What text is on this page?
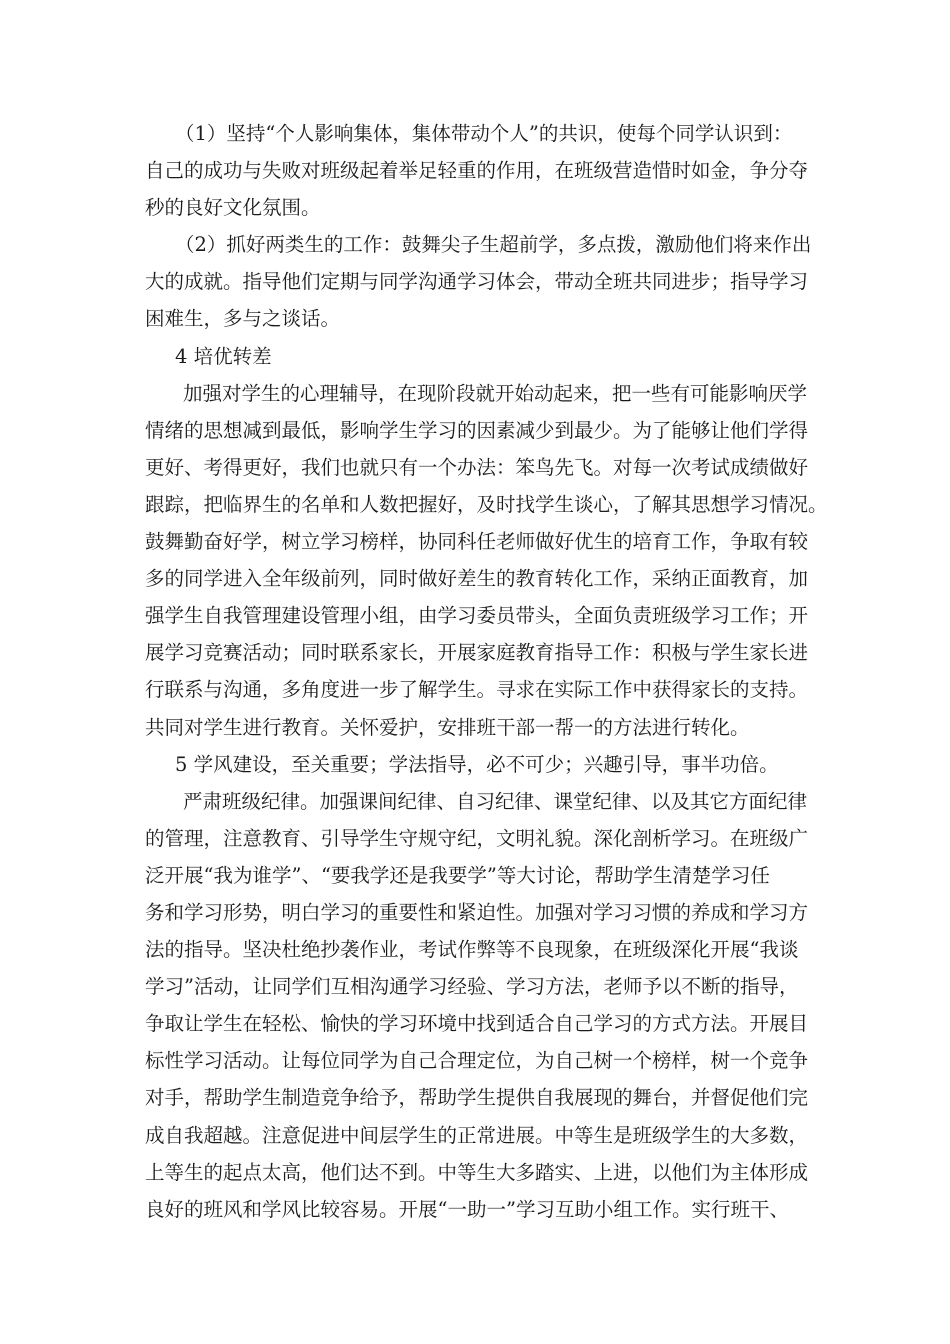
（1）坚持“个人影响集体，集体带动个人”的共识，使每个同学认识到：
自己的成功与失败对班级起着举足轻重的作用，在班级营造惜时如金，争分夺
秒的良好文化氛围。
（2）抓好两类生的工作：鼓舞尖子生超前学，多点拨，激励他们将来作出
大的成就。指导他们定期与同学沟通学习体会，带动全班共同进步；指导学习
困难生，多与之谈话。
4 培优转差
加强对学生的心理辅导，在现阶段就开始动起来，把一些有可能影响厌学
情绪的思想减到最低，影响学生学习的因素减少到最少。为了能够让他们学得
更好、考得更好，我们也就只有一个办法：笨鸟先飞。对每一次考试成绩做好
跟踪，把临界生的名单和人数把握好，及时找学生谈心，了解其思想学习情况。
鼓舞勤奋好学，树立学习榜样，协同科任老师做好优生的培育工作，争取有较
多的同学进入全年级前列，同时做好差生的教育转化工作，采纳正面教育，加
强学生自我管理建设管理小组，由学习委员带头，全面负责班级学习工作；开
展学习竞赛活动；同时联系家长，开展家庭教育指导工作：积极与学生家长进
行联系与沟通，多角度进一步了解学生。寻求在实际工作中获得家长的支持。
共同对学生进行教育。关怀爱护，安排班干部一帮一的方法进行转化。
5 学风建设，至关重要；学法指导，必不可少；兴趣引导，事半功倍。
严肃班级纪律。加强课间纪律、自习纪律、课堂纪律、以及其它方面纪律
的管理，注意教育、引导学生守规守纪，文明礼貌。深化剖析学习。在班级广
泛开展“我为谁学”、“要我学还是我要学”等大讨论，帮助学生清楚学习任
务和学习形势，明白学习的重要性和紧迫性。加强对学习习惯的养成和学习方
法的指导。坚决杜绝抄袭作业，考试作弊等不良现象，在班级深化开展“我谈
学习”活动，让同学们互相沟通学习经验、学习方法，老师予以不断的指导，
争取让学生在轻松、愉快的学习环境中找到适合自己学习的方式方法。开展目
标性学习活动。让每位同学为自己合理定位，为自己树一个榜样，树一个竞争
对手，帮助学生制造竞争给予，帮助学生提供自我展现的舞台，并督促他们完
成自我超越。注意促进中间层学生的正常进展。中等生是班级学生的大多数，
上等生的起点太高，他们达不到。中等生大多踏实、上进，以他们为主体形成
良好的班风和学风比较容易。开展“一助一”学习互助小组工作。实行班干、
